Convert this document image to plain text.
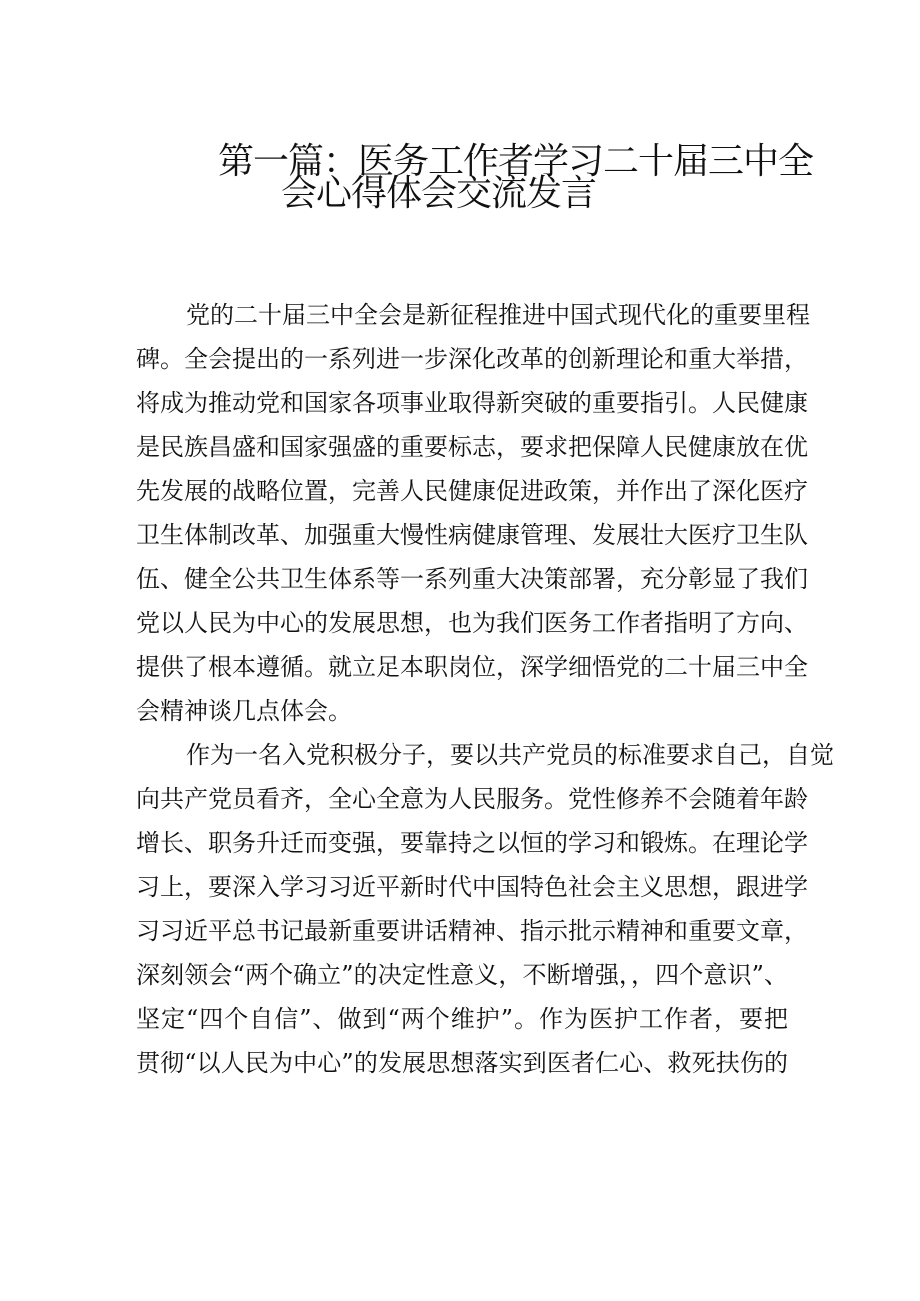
第一篇：医务工作者学习二十届三中全
会心得体会交流发言
党的二十届三中全会是新征程推进中国式现代化的重要里程
碑。全会提出的一系列进一步深化改革的创新理论和重大举措，
将成为推动党和国家各项事业取得新突破的重要指引。人民健康
是民族昌盛和国家强盛的重要标志，要求把保障人民健康放在优
先发展的战略位置，完善人民健康促进政策，并作出了深化医疗
卫生体制改革、加强重大慢性病健康管理、发展壮大医疗卫生队
伍、健全公共卫生体系等一系列重大决策部署，充分彰显了我们
党以人民为中心的发展思想，也为我们医务工作者指明了方向、
提供了根本遵循。就立足本职岗位，深学细悟党的二十届三中全
会精神谈几点体会。
作为一名入党积极分子，要以共产党员的标准要求自己，自觉
向共产党员看齐，全心全意为人民服务。党性修养不会随着年龄
增长、职务升迁而变强，要靠持之以恒的学习和锻炼。在理论学
习上，要深入学习习近平新时代中国特色社会主义思想，跟进学
习习近平总书记最新重要讲话精神、指示批示精神和重要文章，
深刻领会“两个确立”的决定性意义，不断增强，，四个意识”、
坚定“四个自信”、做到“两个维护”。作为医护工作者，要把
贯彻“以人民为中心”的发展思想落实到医者仁心、救死扶伤的
